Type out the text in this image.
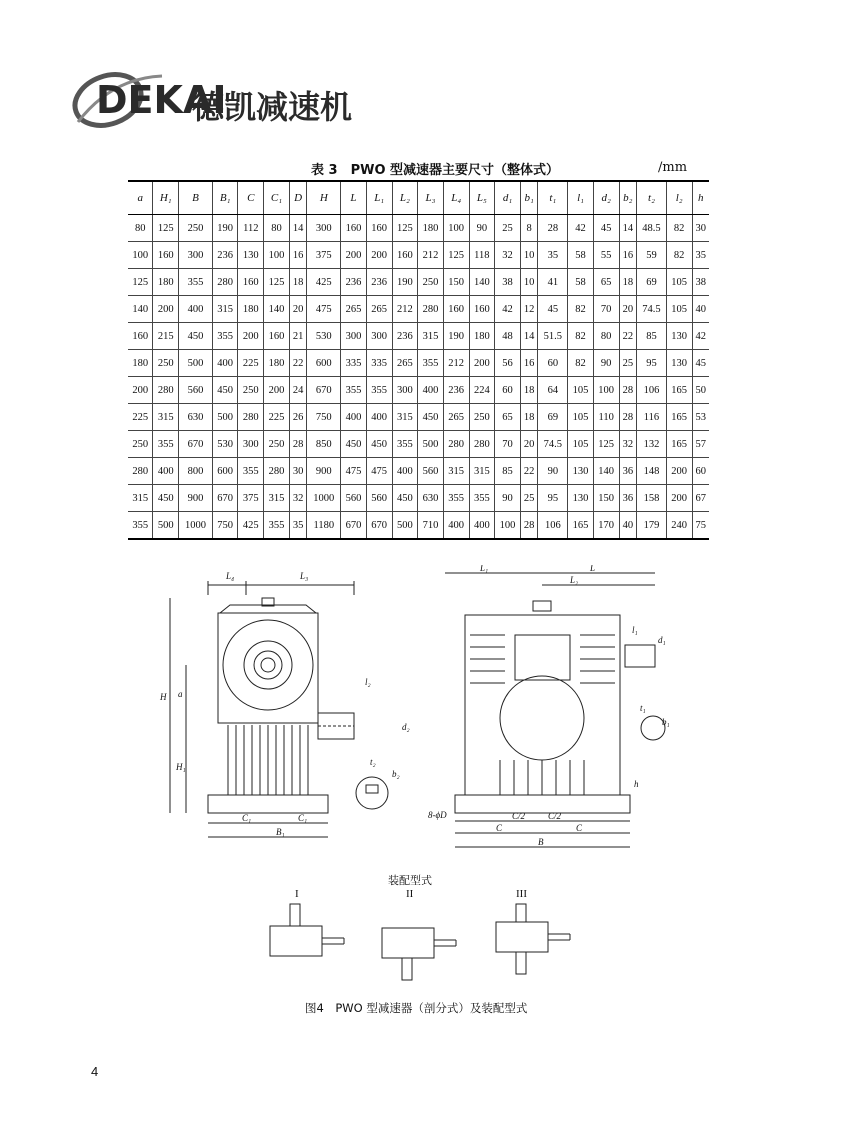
DEKAI
德凯减速机
表 3　PWO 型减速器主要尺寸（整体式）	/mm
a	H₁	B	B₁	C	C₁	D	H	L	L₁	L₂	L₃	L₄	L₅	d₁	b₁	t₁	l₁	d₂	b₂	t₂	l₂	h
80	125	250	190	112	80	14	300	160	160	125	180	100	90	25	8	28	42	45	14	48.5	82	30
100	160	300	236	130	100	16	375	200	200	160	212	125	118	32	10	35	58	55	16	59	82	35
125	180	355	280	160	125	18	425	236	236	190	250	150	140	38	10	41	58	65	18	69	105	38
140	200	400	315	180	140	20	475	265	265	212	280	160	160	42	12	45	82	70	20	74.5	105	40
160	215	450	355	200	160	21	530	300	300	236	315	190	180	48	14	51.5	82	80	22	85	130	42
180	250	500	400	225	180	22	600	335	335	265	355	212	200	56	16	60	82	90	25	95	130	45
200	280	560	450	250	200	24	670	355	355	300	400	236	224	60	18	64	105	100	28	106	165	50
225	315	630	500	280	225	26	750	400	400	315	450	265	250	65	18	69	105	110	28	116	165	53
250	355	670	530	300	250	28	850	450	450	355	500	280	280	70	20	74.5	105	125	32	132	165	57
280	400	800	600	355	280	30	900	475	475	400	560	315	315	85	22	90	130	140	36	148	200	60
315	450	900	670	375	315	32	1000	560	560	450	630	355	355	90	25	95	130	150	36	158	200	67
355	500	1000	750	425	355	35	1180	670	670	500	710	400	400	100	28	106	165	170	40	179	240	75
L₄	L₃
H a
H₁
l₂
d₂
t₂
b₂
C₁	C₁
B₁
L₁	L
L₂
l₁
d₁
t₁
b₁
h
8-ϕD	C/2	C/2
C	C
B
装配型式
I	II	III
图4　PWO 型减速器（剖分式）及装配型式
4
